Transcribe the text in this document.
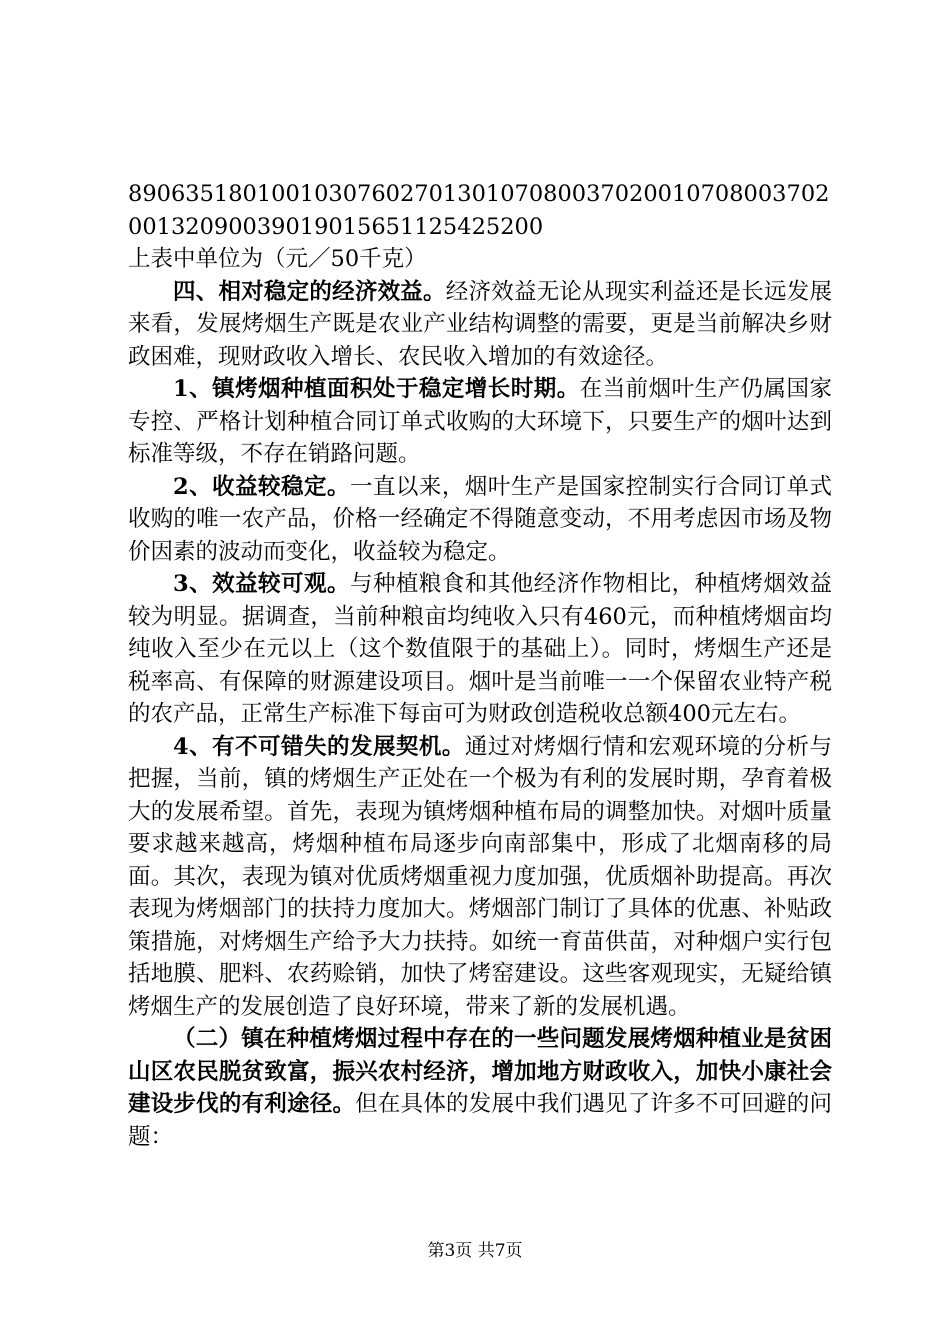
8906351801001030760270130107080037020010708003702001320900390190156511254252​00上表中单位为（元／50千克）

四、相对稳定的经济效益。经济效益无论从现实利益还是长远发展来看，发展烤烟生产既是农业产业结构调整的需要，更是当前解决乡财政困难，现财政收入增长、农民收入增加的有效途径。

1、镇烤烟种植面积处于稳定增长时期。在当前烟叶生产仍属国家专控、严格计划种植合同订单式收购的大环境下，只要生产的烟叶达到标准等级，不存在销路问题。

2、收益较稳定。一直以来，烟叶生产是国家控制实行合同订单式收购的唯一农产品，价格一经确定不得随意变动，不用考虑因市场及物价因素的波动而变化，收益较为稳定。

3、效益较可观。与种植粮食和其他经济作物相比，种植烤烟效益较为明显。据调查，当前种粮亩均纯收入只有460元，而种植烤烟亩均纯收入至少在元以上（这个数值限于的基础上）。同时，烤烟生产还是税率高、有保障的财源建设项目。烟叶是当前唯一一个保留农业特产税的农产品，正常生产标准下每亩可为财政创造税收总额400元左右。

4、有不可错失的发展契机。通过对烤烟行情和宏观环境的分析与把握，当前，镇的烤烟生产正处在一个极为有利的发展时期，孕育着极大的发展希望。首先，表现为镇烤烟种植布局的调整加快。对烟叶质量要求越来越高，烤烟种植布局逐步向南部集中，形成了北烟南移的局面。其次，表现为镇对优质烤烟重视力度加强，优质烟补助提高。再次表现为烤烟部门的扶持力度加大。烤烟部门制订了具体的优惠、补贴政策措施，对烤烟生产给予大力扶持。如统一育苗供苗，对种烟户实行包括地膜、肥料、农药赊销，加快了烤窑建设。这些客观现实，无疑给镇烤烟生产的发展创造了良好环境，带来了新的发展机遇。

（二）镇在种植烤烟过程中存在的一些问题发展烤烟种植业是贫困山区农民脱贫致富，振兴农村经济，增加地方财政收入，加快小康社会建设步伐的有利途径。但在具体的发展中我们遇见了许多不可回避的问题：

第3页 共7页
